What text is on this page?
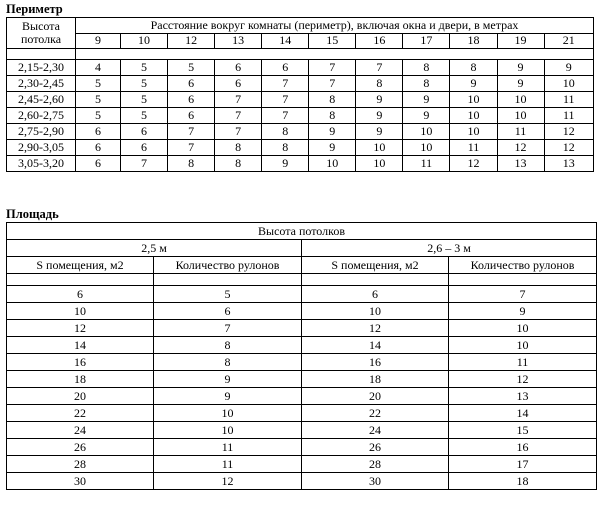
Периметр
Высота
потолка	Расстояние вокруг комнаты (периметр), включая окна и двери, в метрах										
	9	10	12	13	14	15	16	17	18	19	21

2,15-2,30	4	5	5	6	6	7	7	8	8	9	9
2,30-2,45	5	5	6	6	7	7	8	8	9	9	10
2,45-2,60	5	5	6	7	7	8	9	9	10	10	11
2,60-2,75	5	5	6	7	7	8	9	9	10	10	11
2,75-2,90	6	6	7	7	8	9	9	10	10	11	12
2,90-3,05	6	6	7	8	8	9	10	10	11	12	12
3,05-3,20	6	7	8	8	9	10	10	11	12	13	13
Площадь
Высота потолков			
2,5 м		2,6 – 3 м	
S помещения, м2	Количество рулонов	S помещения, м2	Количество рулонов

6	5	6	7
10	6	10	9
12	7	12	10
14	8	14	10
16	8	16	11
18	9	18	12
20	9	20	13
22	10	22	14
24	10	24	15
26	11	26	16
28	11	28	17
30	12	30	18
